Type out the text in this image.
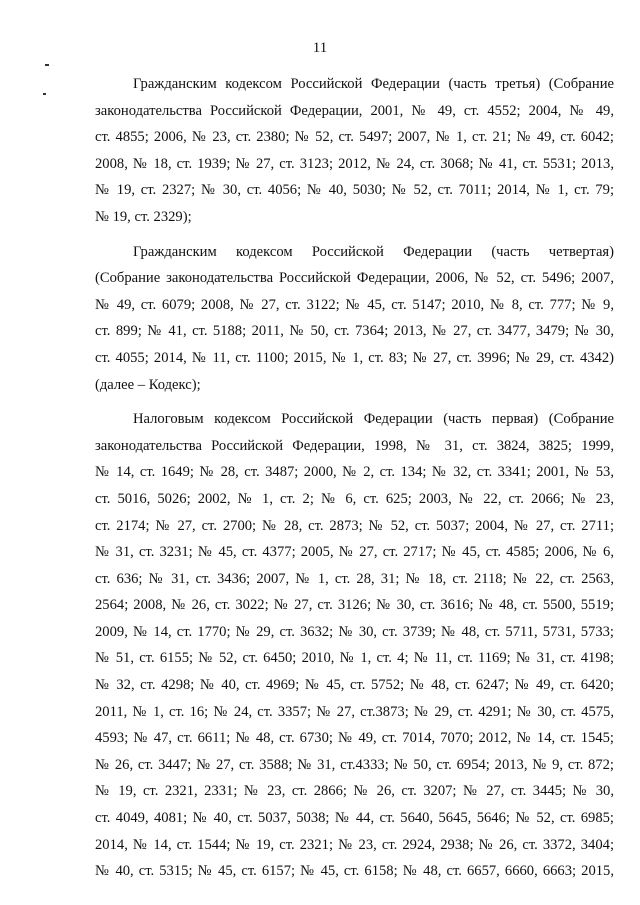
11

Гражданским кодексом Российской Федерации (часть третья) (Собрание
законодательства Российской Федерации, 2001, № 49, ст. 4552; 2004, № 49,
ст. 4855; 2006, № 23, ст. 2380; № 52, ст. 5497; 2007, № 1, ст. 21; № 49, ст. 6042;
2008, № 18, ст. 1939; № 27, ст. 3123; 2012, № 24, ст. 3068; № 41, ст. 5531; 2013,
№ 19, ст. 2327; № 30, ст. 4056; № 40, 5030; № 52, ст. 7011; 2014, № 1, ст. 79;
№ 19, ст. 2329);

Гражданским кодексом Российской Федерации (часть четвертая)
(Собрание законодательства Российской Федерации, 2006, № 52, ст. 5496; 2007,
№ 49, ст. 6079; 2008, № 27, ст. 3122; № 45, ст. 5147; 2010, № 8, ст. 777; № 9,
ст. 899; № 41, ст. 5188; 2011, № 50, ст. 7364; 2013, № 27, ст. 3477, 3479; № 30,
ст. 4055; 2014, № 11, ст. 1100; 2015, № 1, ст. 83; № 27, ст. 3996; № 29, ст. 4342)
(далее – Кодекс);

Налоговым кодексом Российской Федерации (часть первая) (Собрание
законодательства Российской Федерации, 1998, № 31, ст. 3824, 3825; 1999,
№ 14, ст. 1649; № 28, ст. 3487; 2000, № 2, ст. 134; № 32, ст. 3341; 2001, № 53,
ст. 5016, 5026; 2002, № 1, ст. 2; № 6, ст. 625; 2003, № 22, ст. 2066; № 23,
ст. 2174; № 27, ст. 2700; № 28, ст. 2873; № 52, ст. 5037; 2004, № 27, ст. 2711;
№ 31, ст. 3231; № 45, ст. 4377; 2005, № 27, ст. 2717; № 45, ст. 4585; 2006, № 6,
ст. 636; № 31, ст. 3436; 2007, № 1, ст. 28, 31; № 18, ст. 2118; № 22, ст. 2563,
2564; 2008, № 26, ст. 3022; № 27, ст. 3126; № 30, ст. 3616; № 48, ст. 5500, 5519;
2009, № 14, ст. 1770; № 29, ст. 3632; № 30, ст. 3739; № 48, ст. 5711, 5731, 5733;
№ 51, ст. 6155; № 52, ст. 6450; 2010, № 1, ст. 4; № 11, ст. 1169; № 31, ст. 4198;
№ 32, ст. 4298; № 40, ст. 4969; № 45, ст. 5752; № 48, ст. 6247; № 49, ст. 6420;
2011, № 1, ст. 16; № 24, ст. 3357; № 27, ст.3873; № 29, ст. 4291; № 30, ст. 4575,
4593; № 47, ст. 6611; № 48, ст. 6730; № 49, ст. 7014, 7070; 2012, № 14, ст. 1545;
№ 26, ст. 3447; № 27, ст. 3588; № 31, ст.4333; № 50, ст. 6954; 2013, № 9, ст. 872;
№ 19, ст. 2321, 2331; № 23, ст. 2866; № 26, ст. 3207; № 27, ст. 3445; № 30,
ст. 4049, 4081; № 40, ст. 5037, 5038; № 44, ст. 5640, 5645, 5646; № 52, ст. 6985;
2014, № 14, ст. 1544; № 19, ст. 2321; № 23, ст. 2924, 2938; № 26, ст. 3372, 3404;
№ 40, ст. 5315; № 45, ст. 6157; № 45, ст. 6158; № 48, ст. 6657, 6660, 6663; 2015,
